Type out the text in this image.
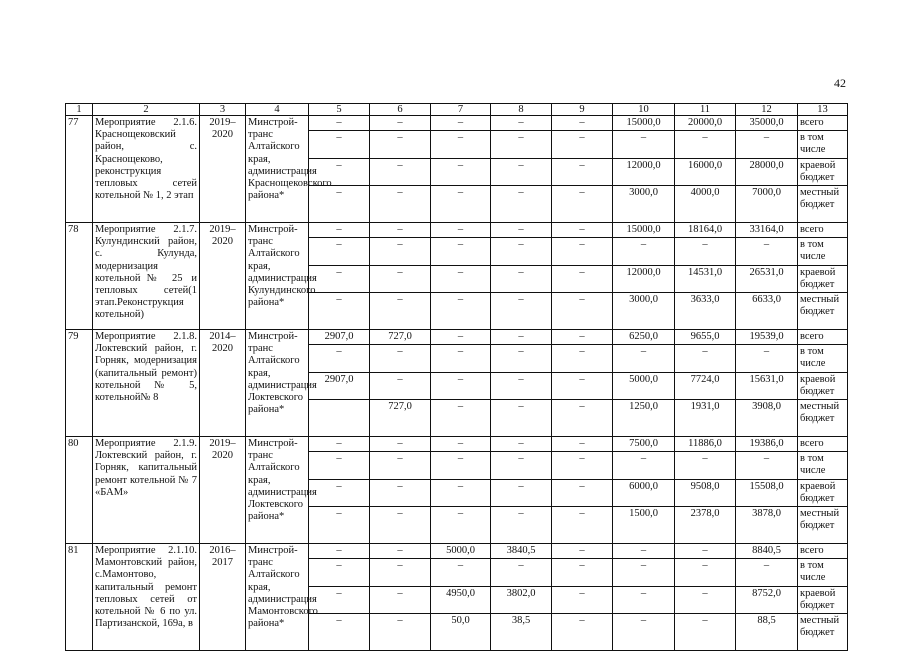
42
1	2	3	4	5	6	7	8	9	10	11	12	13
77	Мероприятие 2.1.6. Краснощековский район, с. Краснощеково, реконструкция тепловых сетей котельной № 1, 2 этап	2019– 2020	Минстрой-транс Алтайского края, администрация Краснощековского района*	–	–	–	–	–	15000,0	20000,0	35000,0	всего
				–	–	–	–	–	–	–	–	в том числе
				–	–	–	–	–	12000,0	16000,0	28000,0	краевой бюджет
				–	–	–	–	–	3000,0	4000,0	7000,0	местный бюджет
78	Мероприятие 2.1.7. Кулундинский район, с. Кулунда, модернизация котельной№ 25 и тепловых сетей(1 этап.Реконструкция котельной)	2019– 2020	Минстрой-транс Алтайского края, администрация Кулундинского района*	–	–	–	–	–	15000,0	18164,0	33164,0	всего
				–	–	–	–	–	–	–	–	в том числе
				–	–	–	–	–	12000,0	14531,0	26531,0	краевой бюджет
				–	–	–	–	–	3000,0	3633,0	6633,0	местный бюджет
79	Мероприятие 2.1.8. Локтевский район, г. Горняк, модернизация (капитальный ремонт) котельной № 5, котельной№ 8	2014– 2020	Минстрой-транс Алтайского края, администрация Локтевского района*	2907,0	727,0	–	–	–	6250,0	9655,0	19539,0	всего
				–	–	–	–	–	–	–	–	в том числе
				2907,0	–	–	–	–	5000,0	7724,0	15631,0	краевой бюджет
					727,0	–	–	–	1250,0	1931,0	3908,0	местный бюджет
80	Мероприятие 2.1.9. Локтевский район, г. Горняк, капитальный ремонт котельной № 7 «БАМ»	2019– 2020	Минстрой-транс Алтайского края, администрация Локтевского района*	–	–	–	–	–	7500,0	11886,0	19386,0	всего
				–	–	–	–	–	–	–	–	в том числе
				–	–	–	–	–	6000,0	9508,0	15508,0	краевой бюджет
				–	–	–	–	–	1500,0	2378,0	3878,0	местный бюджет
81	Мероприятие 2.1.10. Мамонтовский район, с.Мамонтово, капитальный ремонт тепловых сетей от котельной № 6 по ул. Партизанской, 169а, в	2016– 2017	Минстрой-транс Алтайского края, администрация Мамонтовского района*	–	–	5000,0	3840,5	–	–	–	8840,5	всего
				–	–	–	–	–	–	–	–	в том числе
				–	–	4950,0	3802,0	–	–	–	8752,0	краевой бюджет
				–	–	50,0	38,5	–	–	–	88,5	местный бюджет
